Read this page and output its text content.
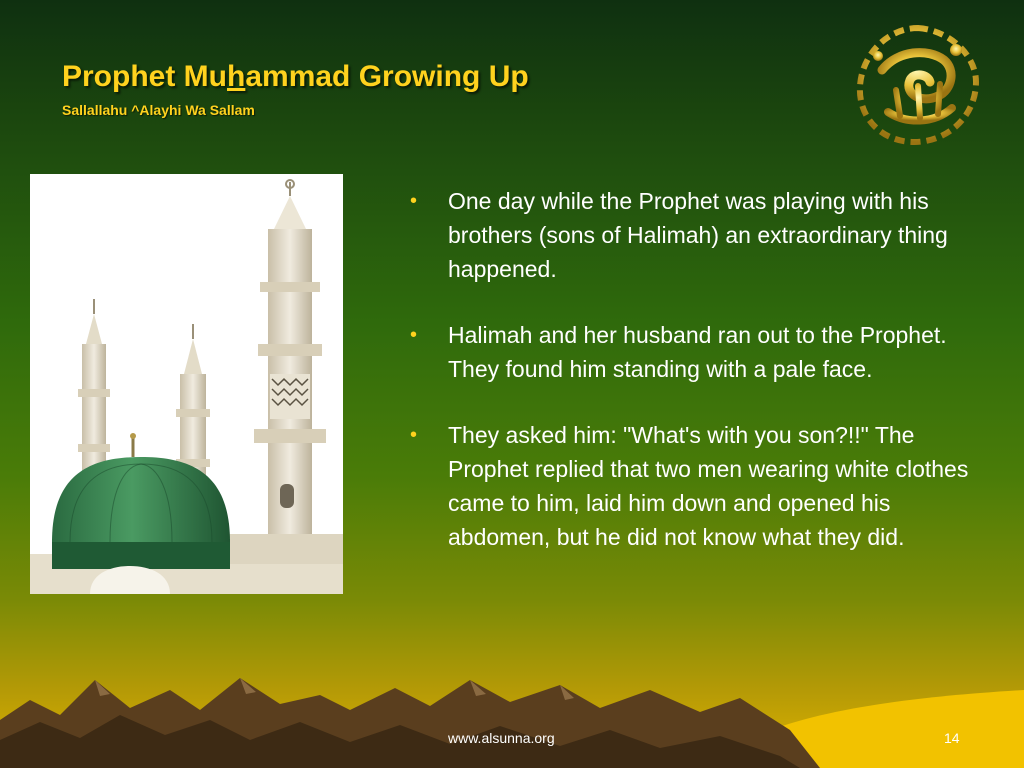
Prophet Muhammad Growing Up
Sallallahu ^Alayhi Wa Sallam
• One day while the Prophet was playing with his brothers (sons of Halimah) an extraordinary thing happened.
• Halimah and her husband ran out to the Prophet. They found him standing with a pale face.
• They asked him: "What's with you son?!!" The Prophet replied that two men wearing white clothes came to him, laid him down and opened his abdomen, but he did not know what they did.
www.alsunna.org	14
